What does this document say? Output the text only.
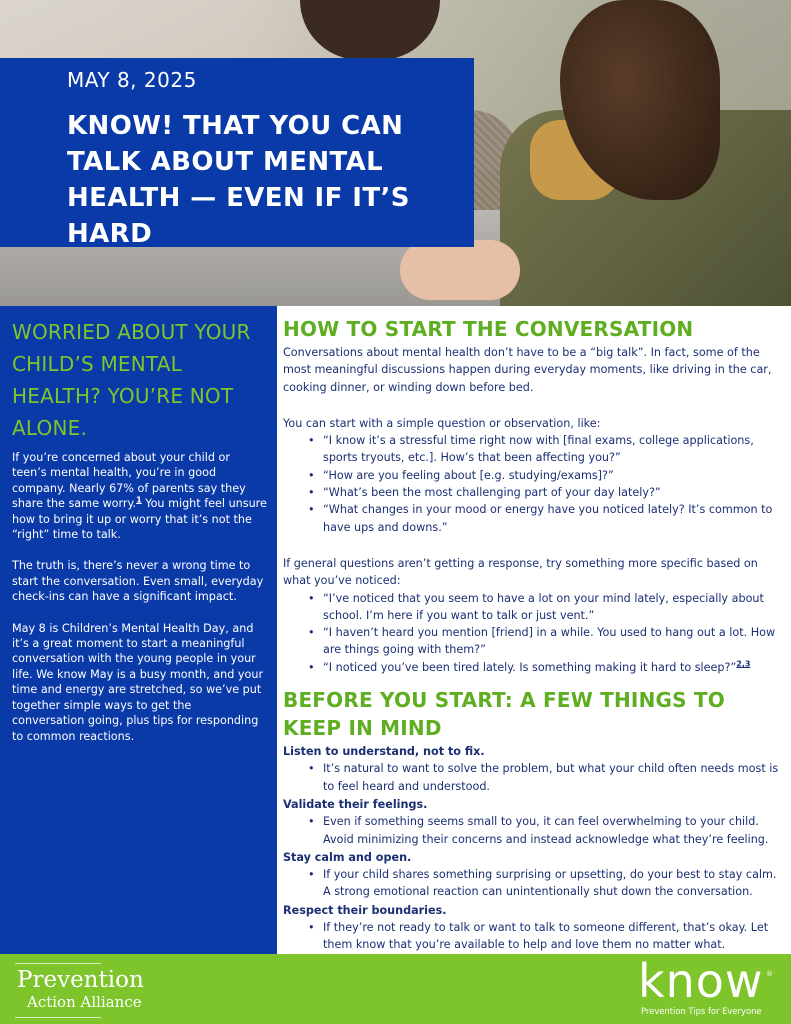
MAY 8, 2025
KNOW! THAT YOU CAN TALK ABOUT MENTAL HEALTH — EVEN IF IT’S HARD
WORRIED ABOUT YOUR CHILD’S MENTAL HEALTH? YOU’RE NOT ALONE.

If you’re concerned about your child or teen’s mental health, you’re in good company. Nearly 67% of parents say they share the same worry.$^1$ You might feel unsure how to bring it up or worry that it’s not the “right” time to talk.

The truth is, there’s never a wrong time to start the conversation. Even small, everyday check-ins can have a significant impact.

May 8 is Children’s Mental Health Day, and it’s a great moment to start a meaningful conversation with the young people in your life. We know May is a busy month, and your time and energy are stretched, so we’ve put together simple ways to get the conversation going, plus tips for responding to common reactions.

HOW TO START THE CONVERSATION

Conversations about mental health don’t have to be a “big talk”. In fact, some of the most meaningful discussions happen during everyday moments, like driving in the car, cooking dinner, or winding down before bed.

You can start with a simple question or observation, like:

• “I know it’s a stressful time right now with [final exams, college applications, sports tryouts, etc.]. How’s that been affecting you?”
• “How are you feeling about [e.g. studying/exams]?”
• “What’s been the most challenging part of your day lately?”
• “What changes in your mood or energy have you noticed lately? It’s common to have ups and downs.”

If general questions aren’t getting a response, try something more specific based on what you’ve noticed:

• “I’ve noticed that you seem to have a lot on your mind lately, especially about school. I’m here if you want to talk or just vent.”
• “I haven’t heard you mention [friend] in a while. You used to hang out a lot. How are things going with them?”
• “I noticed you’ve been tired lately. Is something making it hard to sleep?”$^{2,3}$
BEFORE YOU START: A FEW THINGS TO KEEP IN MIND
Listen to understand, not to fix.
• It’s natural to want to solve the problem, but what your child often needs most is to feel heard and understood.
Validate their feelings.
• Even if something seems small to you, it can feel overwhelming to your child. Avoid minimizing their concerns and instead acknowledge what they’re feeling.
Stay calm and open.
• If your child shares something surprising or upsetting, do your best to stay calm. A strong emotional reaction can unintentionally shut down the conversation.
Respect their boundaries.
• If they’re not ready to talk or want to talk to someone different, that’s okay. Let them know that you’re available to help and love them no matter what.
Prevention
Action Alliance	know ®
Prevention Tips for Everyone
